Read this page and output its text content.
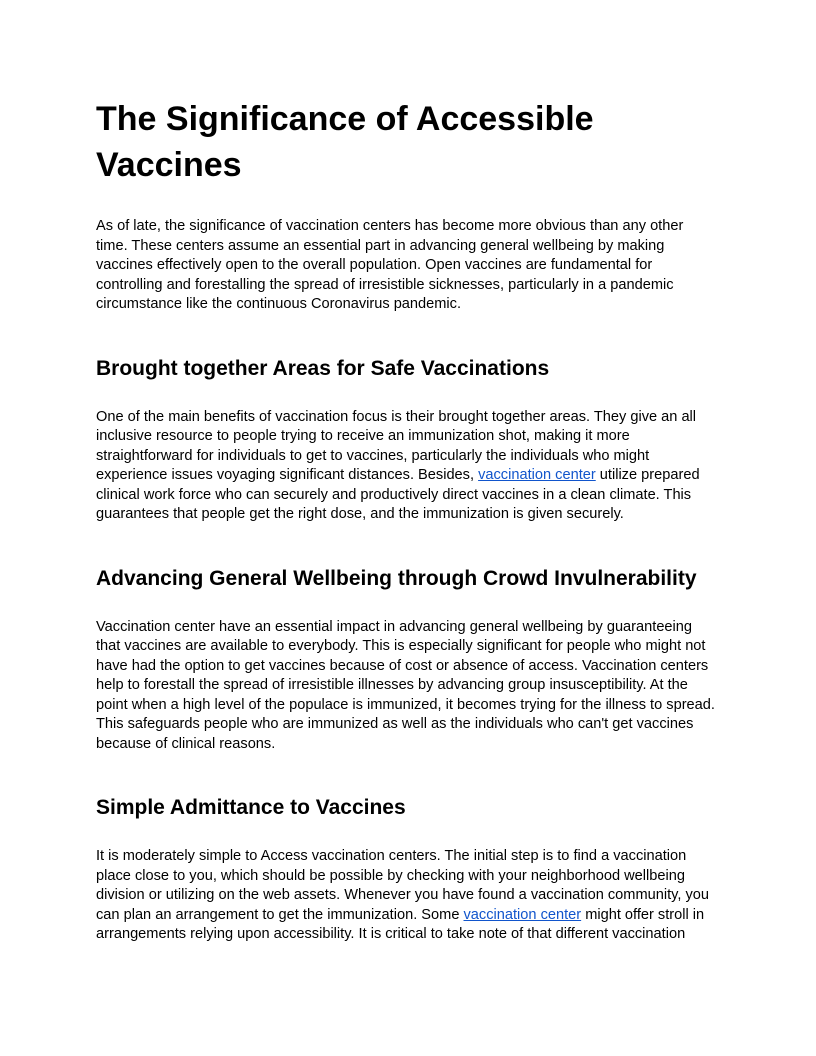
The Significance of Accessible
Vaccines

As of late, the significance of vaccination centers has become more obvious than any other
time. These centers assume an essential part in advancing general wellbeing by making
vaccines effectively open to the overall population. Open vaccines are fundamental for
controlling and forestalling the spread of irresistible sicknesses, particularly in a pandemic
circumstance like the continuous Coronavirus pandemic.

Brought together Areas for Safe Vaccinations

One of the main benefits of vaccination focus is their brought together areas. They give an all
inclusive resource to people trying to receive an immunization shot, making it more
straightforward for individuals to get to vaccines, particularly the individuals who might
experience issues voyaging significant distances. Besides, vaccination center utilize prepared
clinical work force who can securely and productively direct vaccines in a clean climate. This
guarantees that people get the right dose, and the immunization is given securely.

Advancing General Wellbeing through Crowd Invulnerability

Vaccination center have an essential impact in advancing general wellbeing by guaranteeing
that vaccines are available to everybody. This is especially significant for people who might not
have had the option to get vaccines because of cost or absence of access. Vaccination centers
help to forestall the spread of irresistible illnesses by advancing group insusceptibility. At the
point when a high level of the populace is immunized, it becomes trying for the illness to spread.
This safeguards people who are immunized as well as the individuals who can't get vaccines
because of clinical reasons.

Simple Admittance to Vaccines

It is moderately simple to Access vaccination centers. The initial step is to find a vaccination
place close to you, which should be possible by checking with your neighborhood wellbeing
division or utilizing on the web assets. Whenever you have found a vaccination community, you
can plan an arrangement to get the immunization. Some vaccination center might offer stroll in
arrangements relying upon accessibility. It is critical to take note of that different vaccination
